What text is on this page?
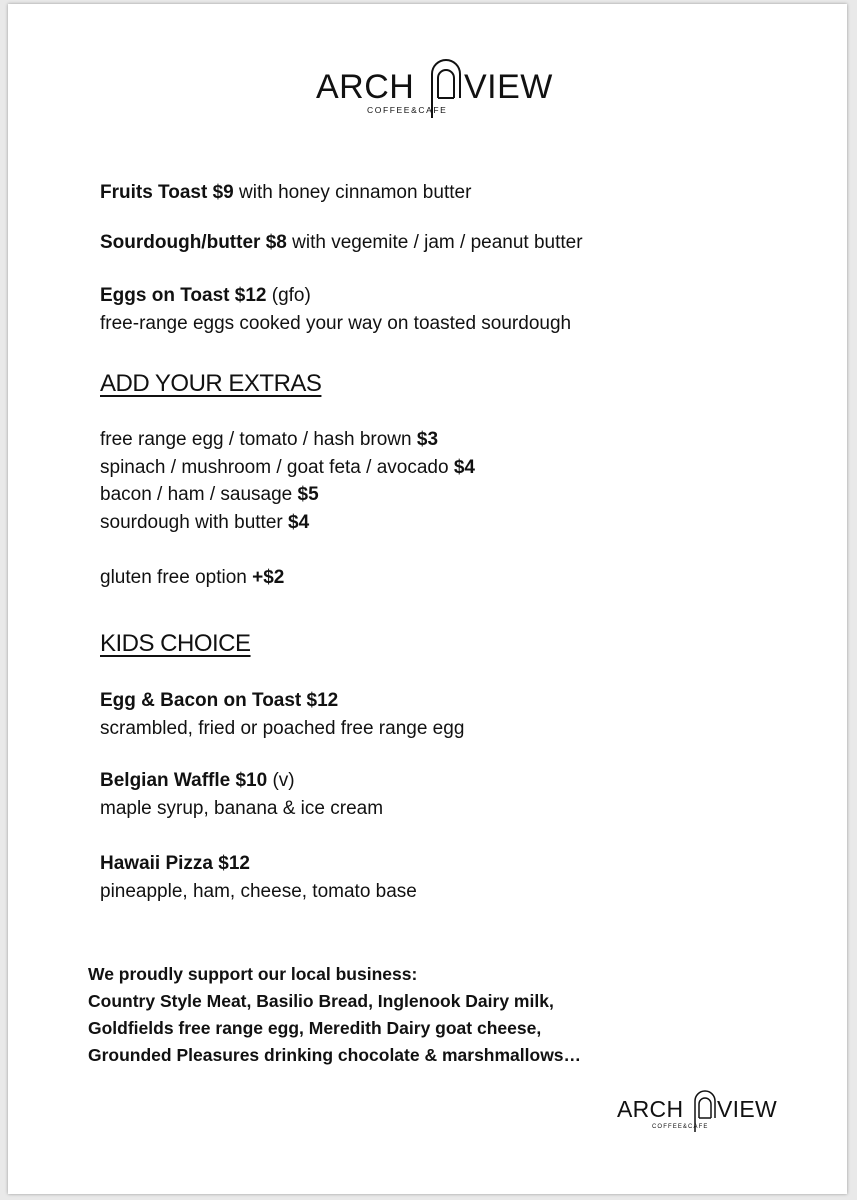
ARCH VIEW
COFFEE&CAFE
Fruits Toast $9 with honey cinnamon butter
Sourdough/butter $8 with vegemite / jam / peanut butter
Eggs on Toast $12 (gfo)
free-range eggs cooked your way on toasted sourdough
ADD YOUR EXTRAS
free range egg / tomato / hash brown $3
spinach / mushroom / goat feta / avocado $4
bacon / ham / sausage $5
sourdough with butter $4
gluten free option +$2
KIDS CHOICE
Egg & Bacon on Toast $12
scrambled, fried or poached free range egg
Belgian Waffle $10 (v)
maple syrup, banana & ice cream
Hawaii Pizza $12
pineapple, ham, cheese, tomato base
We proudly support our local business:
Country Style Meat, Basilio Bread, Inglenook Dairy milk,
Goldfields free range egg, Meredith Dairy goat cheese,
Grounded Pleasures drinking chocolate & marshmallows…
ARCH VIEW
COFFEE&CAFE
